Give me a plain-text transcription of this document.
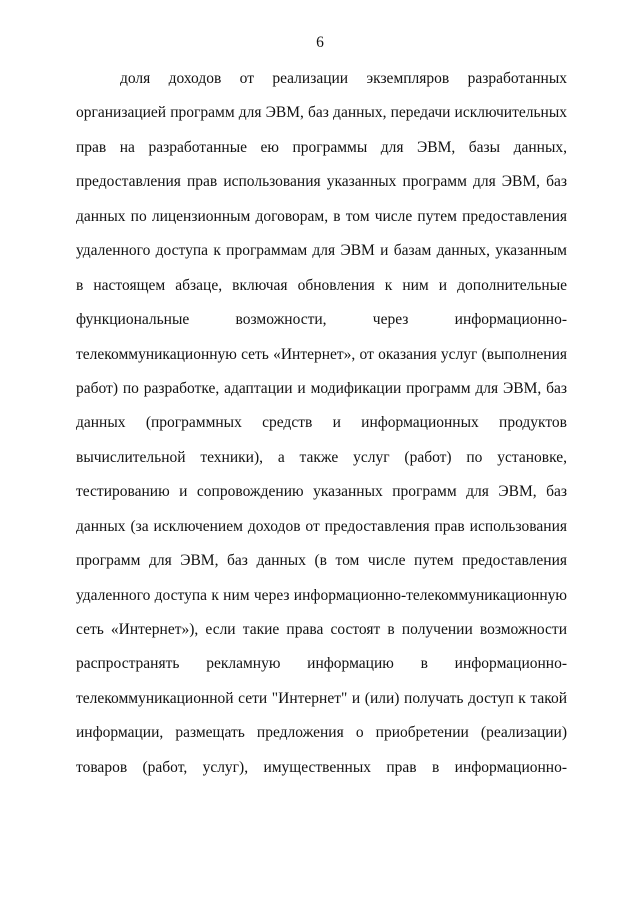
6
доля доходов от реализации экземпляров разработанных
организацией программ для ЭВМ, баз данных, передачи исключительных
прав на разработанные ею программы для ЭВМ, базы данных,
предоставления прав использования указанных программ для ЭВМ, баз
данных по лицензионным договорам, в том числе путем предоставления
удаленного доступа к программам для ЭВМ и базам данных, указанным
в настоящем абзаце, включая обновления к ним и дополнительные
функциональные возможности, через информационно-
телекоммуникационную сеть «Интернет», от оказания услуг (выполнения
работ) по разработке, адаптации и модификации программ для ЭВМ, баз
данных (программных средств и информационных продуктов
вычислительной техники), а также услуг (работ) по установке,
тестированию и сопровождению указанных программ для ЭВМ, баз
данных (за исключением доходов от предоставления прав использования
программ для ЭВМ, баз данных (в том числе путем предоставления
удаленного доступа к ним через информационно-телекоммуникационную
сеть «Интернет»), если такие права состоят в получении возможности
распространять рекламную информацию в информационно-
телекоммуникационной сети "Интернет" и (или) получать доступ к такой
информации, размещать предложения о приобретении (реализации)
товаров (работ, услуг), имущественных прав в информационно-
